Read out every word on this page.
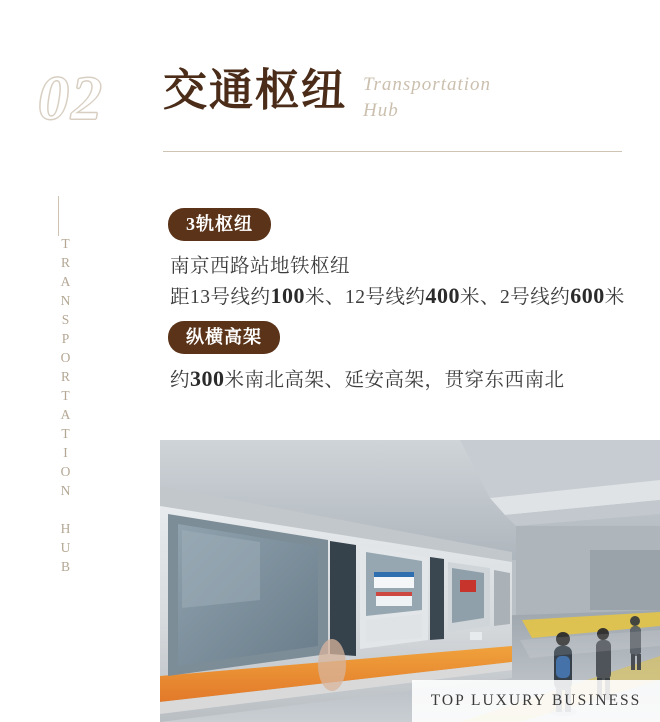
02 交通枢纽 Transportation
Hub
TRANSPORTATION HUB
3轨枢纽
南京西路站地铁枢纽
距13号线约100米、12号线约400米、2号线约600米
纵横高架
约300米南北高架、延安高架，贯穿东西南北
TOP LUXURY BUSINESS
